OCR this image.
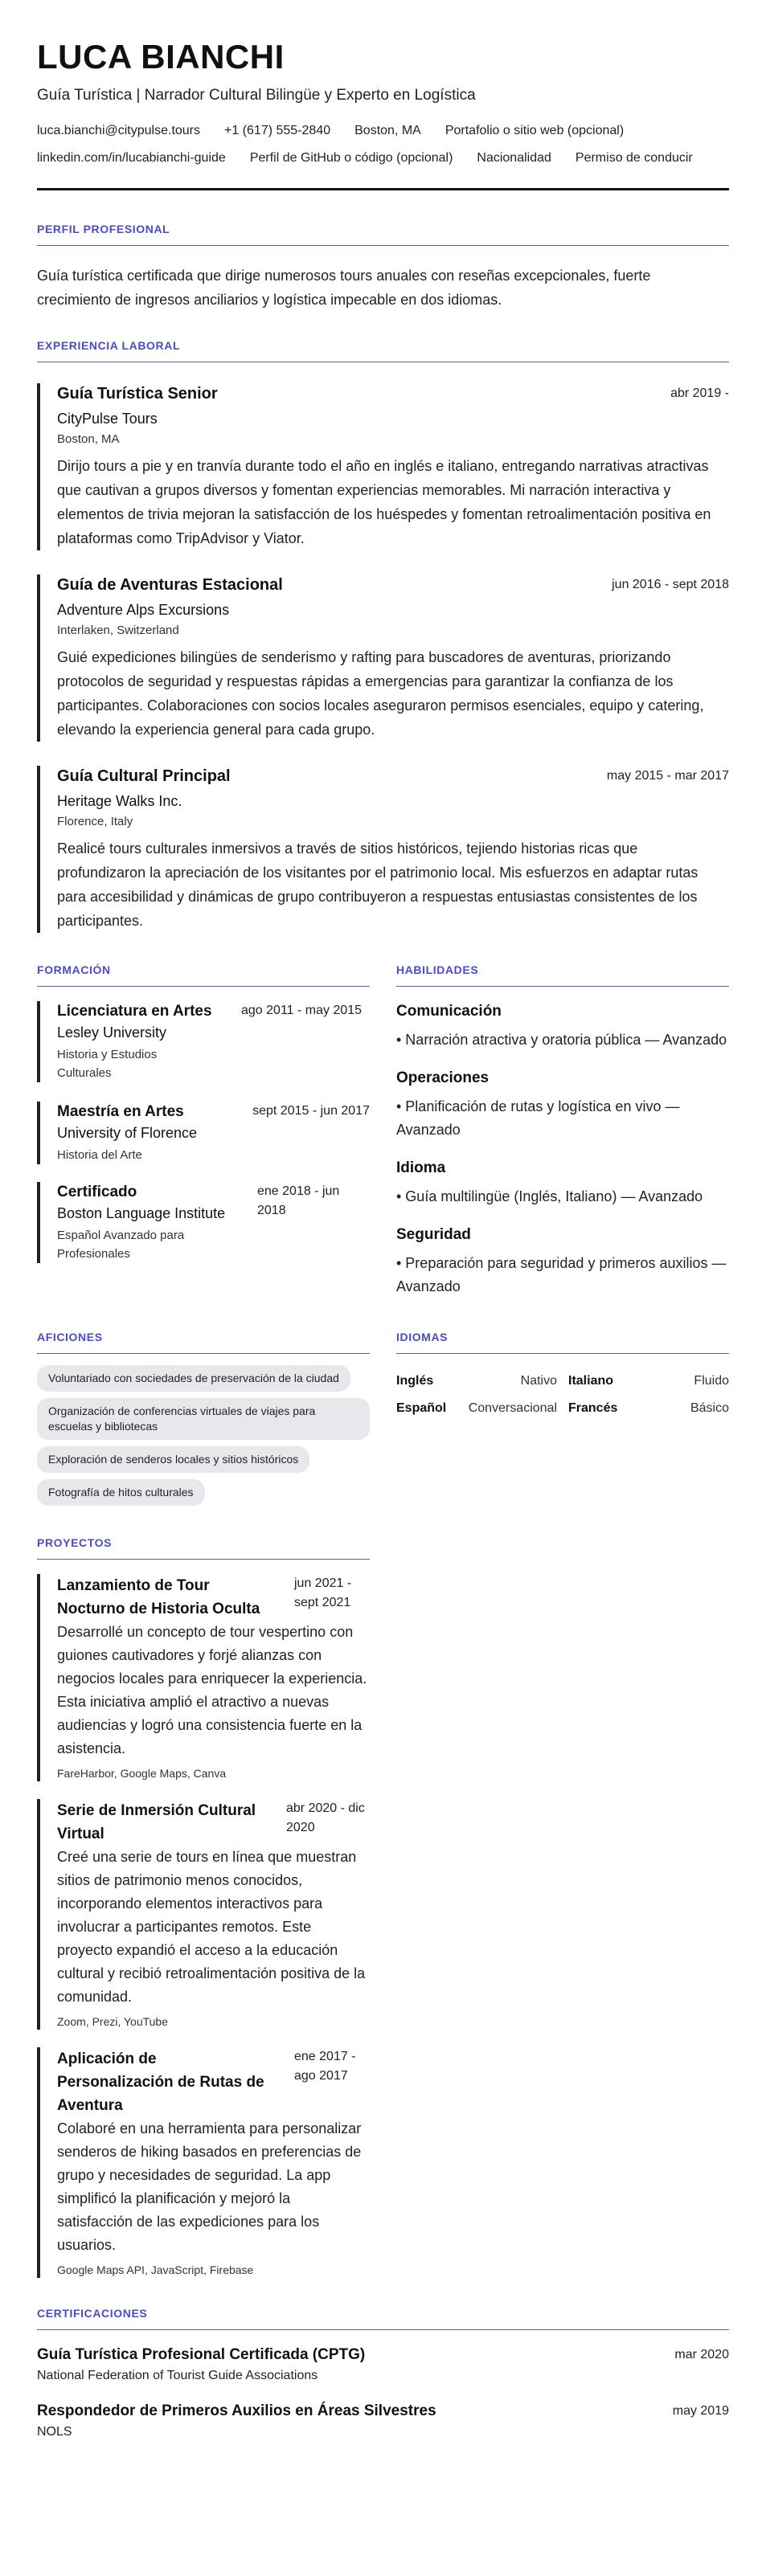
LUCA BIANCHI
Guía Turística | Narrador Cultural Bilingüe y Experto en Logística
luca.bianchi@citypulse.tours +1 (617) 555-2840 Boston, MA Portafolio o sitio web (opcional)
linkedin.com/in/lucabianchi-guide Perfil de GitHub o código (opcional) Nacionalidad Permiso de conducir
PERFIL PROFESIONAL
Guía turística certificada que dirige numerosos tours anuales con reseñas excepcionales, fuerte crecimiento de ingresos anciliarios y logística impecable en dos idiomas.
EXPERIENCIA LABORAL
Guía Turística Senior	abr 2019 -
CityPulse Tours
Boston, MA
Dirijo tours a pie y en tranvía durante todo el año en inglés e italiano, entregando narrativas atractivas que cautivan a grupos diversos y fomentan experiencias memorables. Mi narración interactiva y elementos de trivia mejoran la satisfacción de los huéspedes y fomentan retroalimentación positiva en plataformas como TripAdvisor y Viator.
Guía de Aventuras Estacional	jun 2016 - sept 2018
Adventure Alps Excursions
Interlaken, Switzerland
Guié expediciones bilingües de senderismo y rafting para buscadores de aventuras, priorizando protocolos de seguridad y respuestas rápidas a emergencias para garantizar la confianza de los participantes. Colaboraciones con socios locales aseguraron permisos esenciales, equipo y catering, elevando la experiencia general para cada grupo.
Guía Cultural Principal	may 2015 - mar 2017
Heritage Walks Inc.
Florence, Italy
Realicé tours culturales inmersivos a través de sitios históricos, tejiendo historias ricas que profundizaron la apreciación de los visitantes por el patrimonio local. Mis esfuerzos en adaptar rutas para accesibilidad y dinámicas de grupo contribuyeron a respuestas entusiastas consistentes de los participantes.
FORMACIÓN
Licenciatura en Artes	ago 2011 - may 2015
Lesley University
Historia y Estudios Culturales
Maestría en Artes	sept 2015 - jun 2017
University of Florence
Historia del Arte
Certificado	ene 2018 - jun 2018
Boston Language Institute
Español Avanzado para Profesionales
HABILIDADES
Comunicación
• Narración atractiva y oratoria pública — Avanzado
Operaciones
• Planificación de rutas y logística en vivo — Avanzado
Idioma
• Guía multilingüe (Inglés, Italiano) — Avanzado
Seguridad
• Preparación para seguridad y primeros auxilios — Avanzado
AFICIONES
Voluntariado con sociedades de preservación de la ciudad
Organización de conferencias virtuales de viajes para escuelas y bibliotecas
Exploración de senderos locales y sitios históricos
Fotografía de hitos culturales
IDIOMAS
Inglés	Nativo Italiano	Fluido
Español Conversacional Francés	Básico
PROYECTOS
Lanzamiento de Tour Nocturno de Historia Oculta
jun 2021 - sept 2021
Desarrollé un concepto de tour vespertino con guiones cautivadores y forjé alianzas con negocios locales para enriquecer la experiencia. Esta iniciativa amplió el atractivo a nuevas audiencias y logró una consistencia fuerte en la asistencia.
FareHarbor, Google Maps, Canva
Serie de Inmersión Cultural Virtual
abr 2020 - dic 2020
Creé una serie de tours en línea que muestran sitios de patrimonio menos conocidos, incorporando elementos interactivos para involucrar a participantes remotos. Este proyecto expandió el acceso a la educación cultural y recibió retroalimentación positiva de la comunidad.
Zoom, Prezi, YouTube
Aplicación de Personalización de Rutas de Aventura
ene 2017 - ago 2017
Colaboré en una herramienta para personalizar senderos de hiking basados en preferencias de grupo y necesidades de seguridad. La app simplificó la planificación y mejoró la satisfacción de las expediciones para los usuarios.
Google Maps API, JavaScript, Firebase
CERTIFICACIONES
Guía Turística Profesional Certificada (CPTG)	mar 2020
National Federation of Tourist Guide Associations
Respondedor de Primeros Auxilios en Áreas Silvestres	may 2019
NOLS
